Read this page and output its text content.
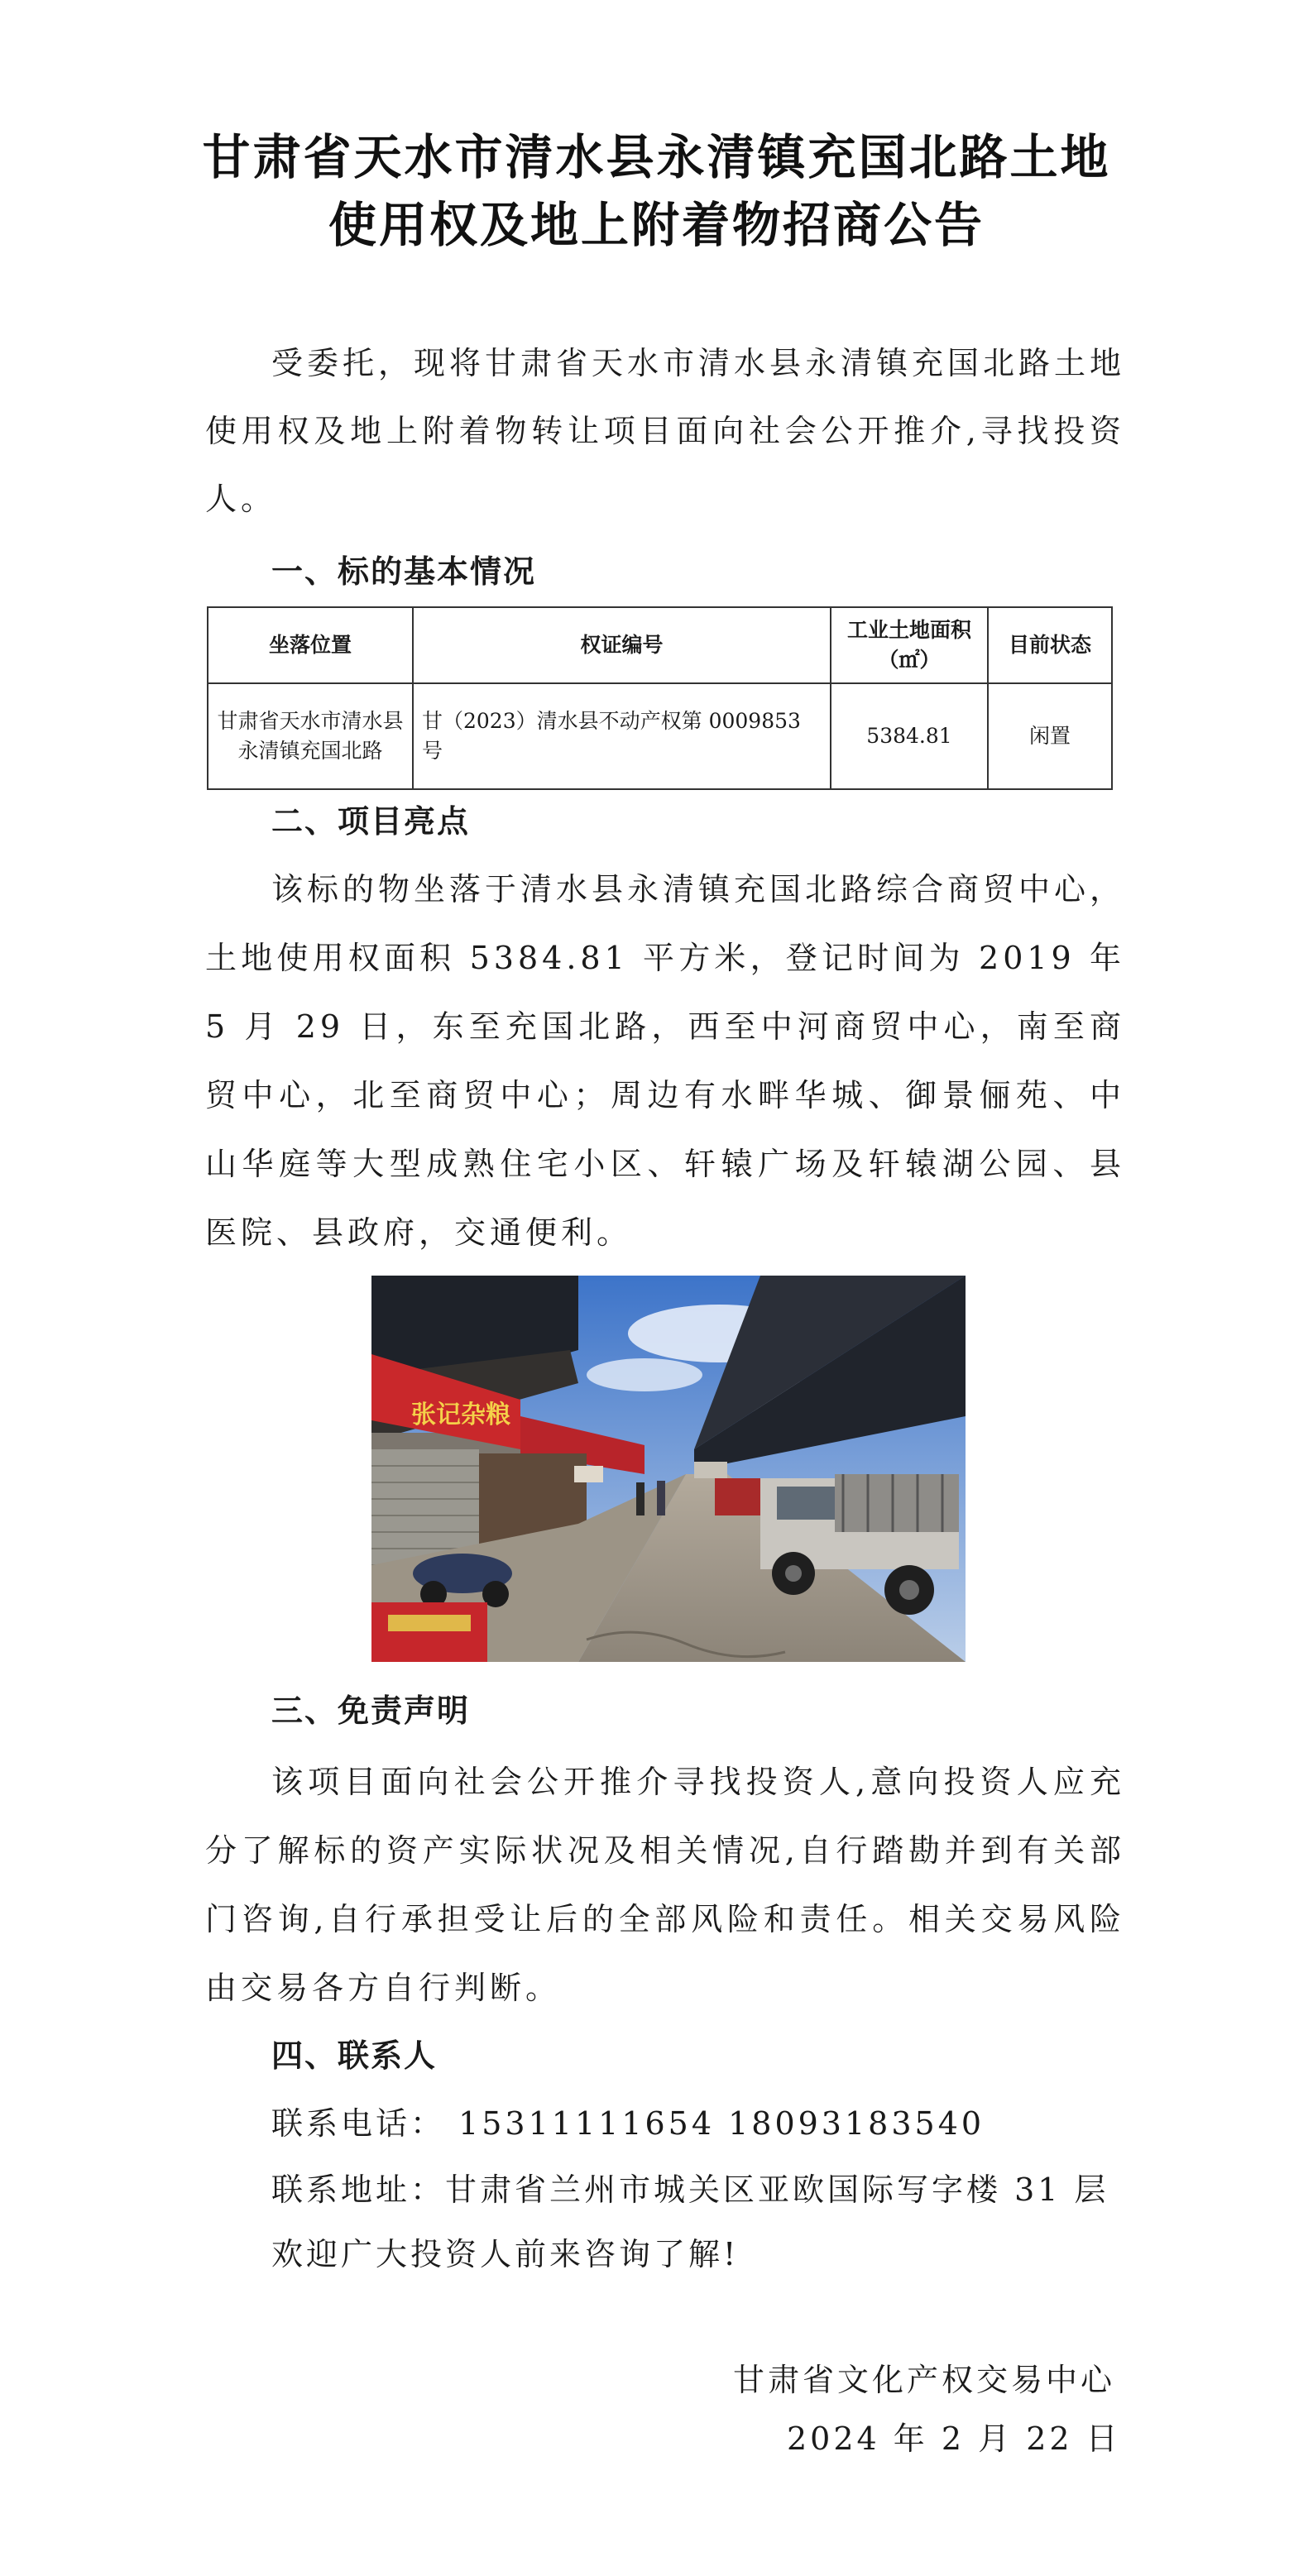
甘肃省天水市清水县永清镇充国北路土地
使用权及地上附着物招商公告

受委托，现将甘肃省天水市清水县永清镇充国北路土地使用权及地上附着物转让项目面向社会公开推介,寻找投资人。

一、标的基本情况
坐落位置	权证编号	工业土地面积（㎡）	目前状态
甘肃省天水市清水县永清镇充国北路	甘（2023）清水县不动产权第 0009853 号	5384.81	闲置
二、项目亮点

该标的物坐落于清水县永清镇充国北路综合商贸中心，土地使用权面积 5384.81 平方米，登记时间为 2019 年 5 月 29 日，东至充国北路，西至中河商贸中心，南至商贸中心，北至商贸中心；周边有水畔华城、御景俪苑、中山华庭等大型成熟住宅小区、轩辕广场及轩辕湖公园、县医院、县政府，交通便利。

张记杂粮
三、免责声明

该项目面向社会公开推介寻找投资人,意向投资人应充分了解标的资产实际状况及相关情况,自行踏勘并到有关部门咨询,自行承担受让后的全部风险和责任。相关交易风险由交易各方自行判断。

四、联系人
联系电话： 15311111654 18093183540
联系地址：甘肃省兰州市城关区亚欧国际写字楼 31 层
欢迎广大投资人前来咨询了解!
甘肃省文化产权交易中心
2024 年 2 月 22 日
